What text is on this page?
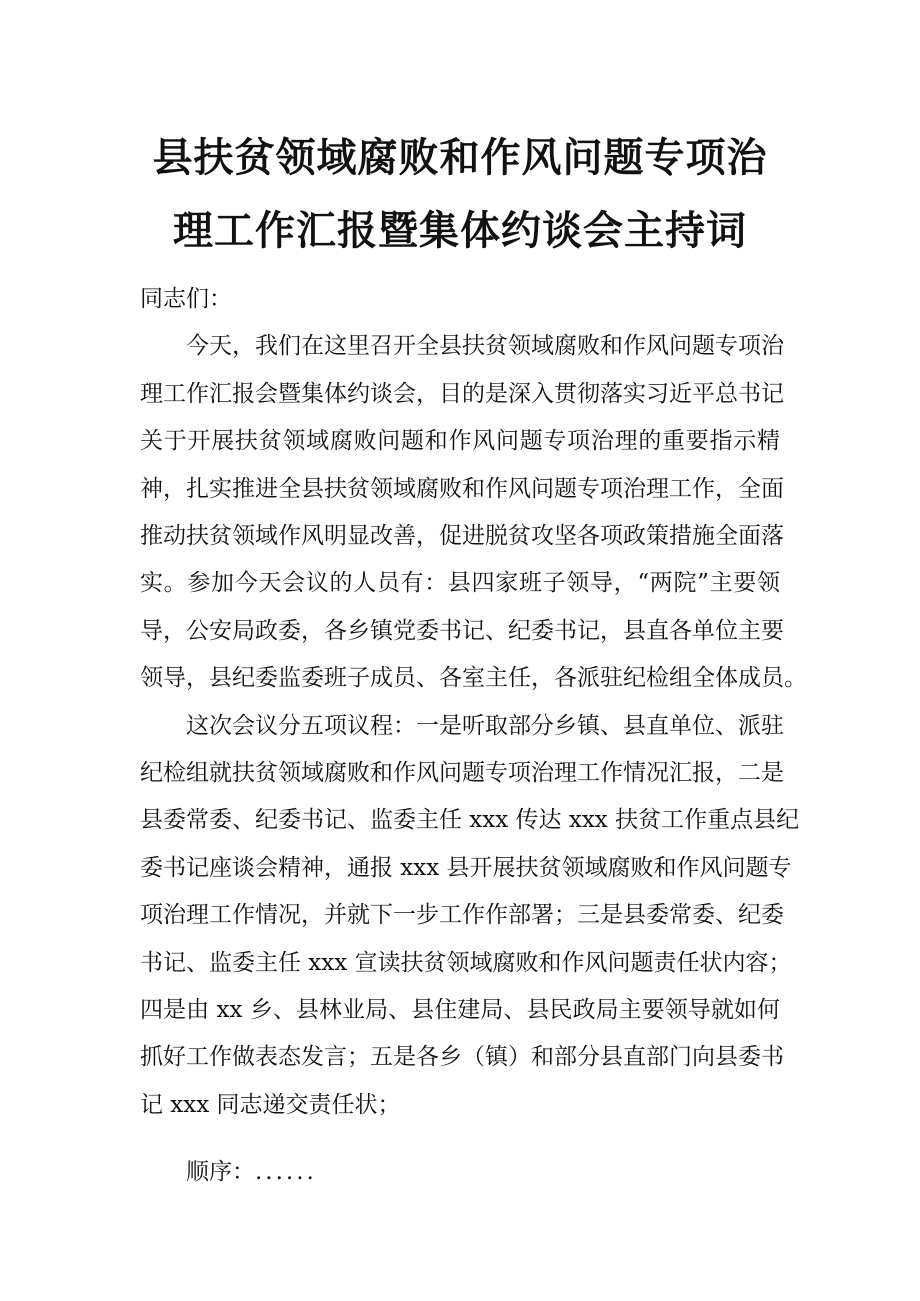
县扶贫领域腐败和作风问题专项治
理工作汇报暨集体约谈会主持词
同志们：
今天，我们在这里召开全县扶贫领域腐败和作风问题专项治
理工作汇报会暨集体约谈会，目的是深入贯彻落实习近平总书记
关于开展扶贫领域腐败问题和作风问题专项治理的重要指示精
神，扎实推进全县扶贫领域腐败和作风问题专项治理工作，全面
推动扶贫领域作风明显改善，促进脱贫攻坚各项政策措施全面落
实。参加今天会议的人员有：县四家班子领导，“两院”主要领
导，公安局政委，各乡镇党委书记、纪委书记，县直各单位主要
领导，县纪委监委班子成员、各室主任，各派驻纪检组全体成员。
这次会议分五项议程：一是听取部分乡镇、县直单位、派驻
纪检组就扶贫领域腐败和作风问题专项治理工作情况汇报，二是
县委常委、纪委书记、监委主任 xxx 传达 xxx 扶贫工作重点县纪
委书记座谈会精神，通报 xxx 县开展扶贫领域腐败和作风问题专
项治理工作情况，并就下一步工作作部署；三是县委常委、纪委
书记、监委主任 xxx 宣读扶贫领域腐败和作风问题责任状内容；
四是由 xx 乡、县林业局、县住建局、县民政局主要领导就如何
抓好工作做表态发言；五是各乡（镇）和部分县直部门向县委书
记 xxx 同志递交责任状；
顺序：......
